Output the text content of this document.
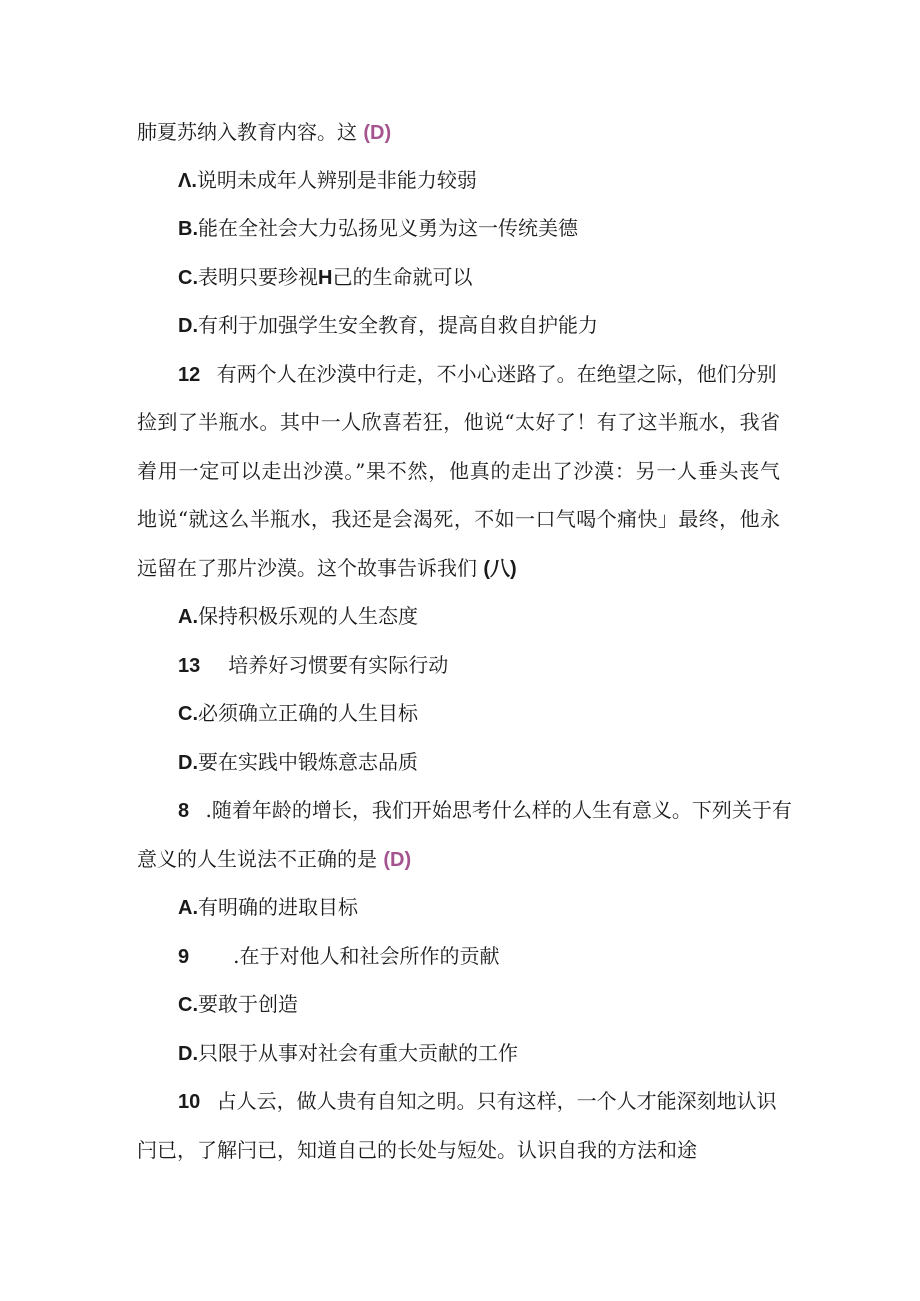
肺夏苏纳入教育内容。这 (D)
Λ.说明未成年人辨别是非能力较弱
B.能在全社会大力弘扬见义勇为这一传统美德
C.表明只要珍视H己的生命就可以
D.有利于加强学生安全教育，提高自救自护能力
12 有两个人在沙漠中行走，不小心迷路了。在绝望之际，他们分别
捡到了半瓶水。其中一人欣喜若狂，他说“太好了！有了这半瓶水，我省
着用一定可以走出沙漠。”果不然，他真的走出了沙漠：另一人垂头丧气
地说“就这么半瓶水，我还是会渴死，不如一口气喝个痛快」最终，他永
远留在了那片沙漠。这个故事告诉我们 (八)
A.保持积极乐观的人生态度
13 培养好习惯要有实际行动
C.必须确立正确的人生目标
D.要在实践中锻炼意志品质
8 .随着年龄的增长，我们开始思考什么样的人生有意义。下列关于有
意义的人生说法不正确的是 (D)
A.有明确的进取目标
9 .在于对他人和社会所作的贡献
C.要敢于创造
D.只限于从事对社会有重大贡献的工作
10 占人云，做人贵有自知之明。只有这样，一个人才能深刻地认识
闩已，了解闩已，知道自己的长处与短处。认识自我的方法和途
